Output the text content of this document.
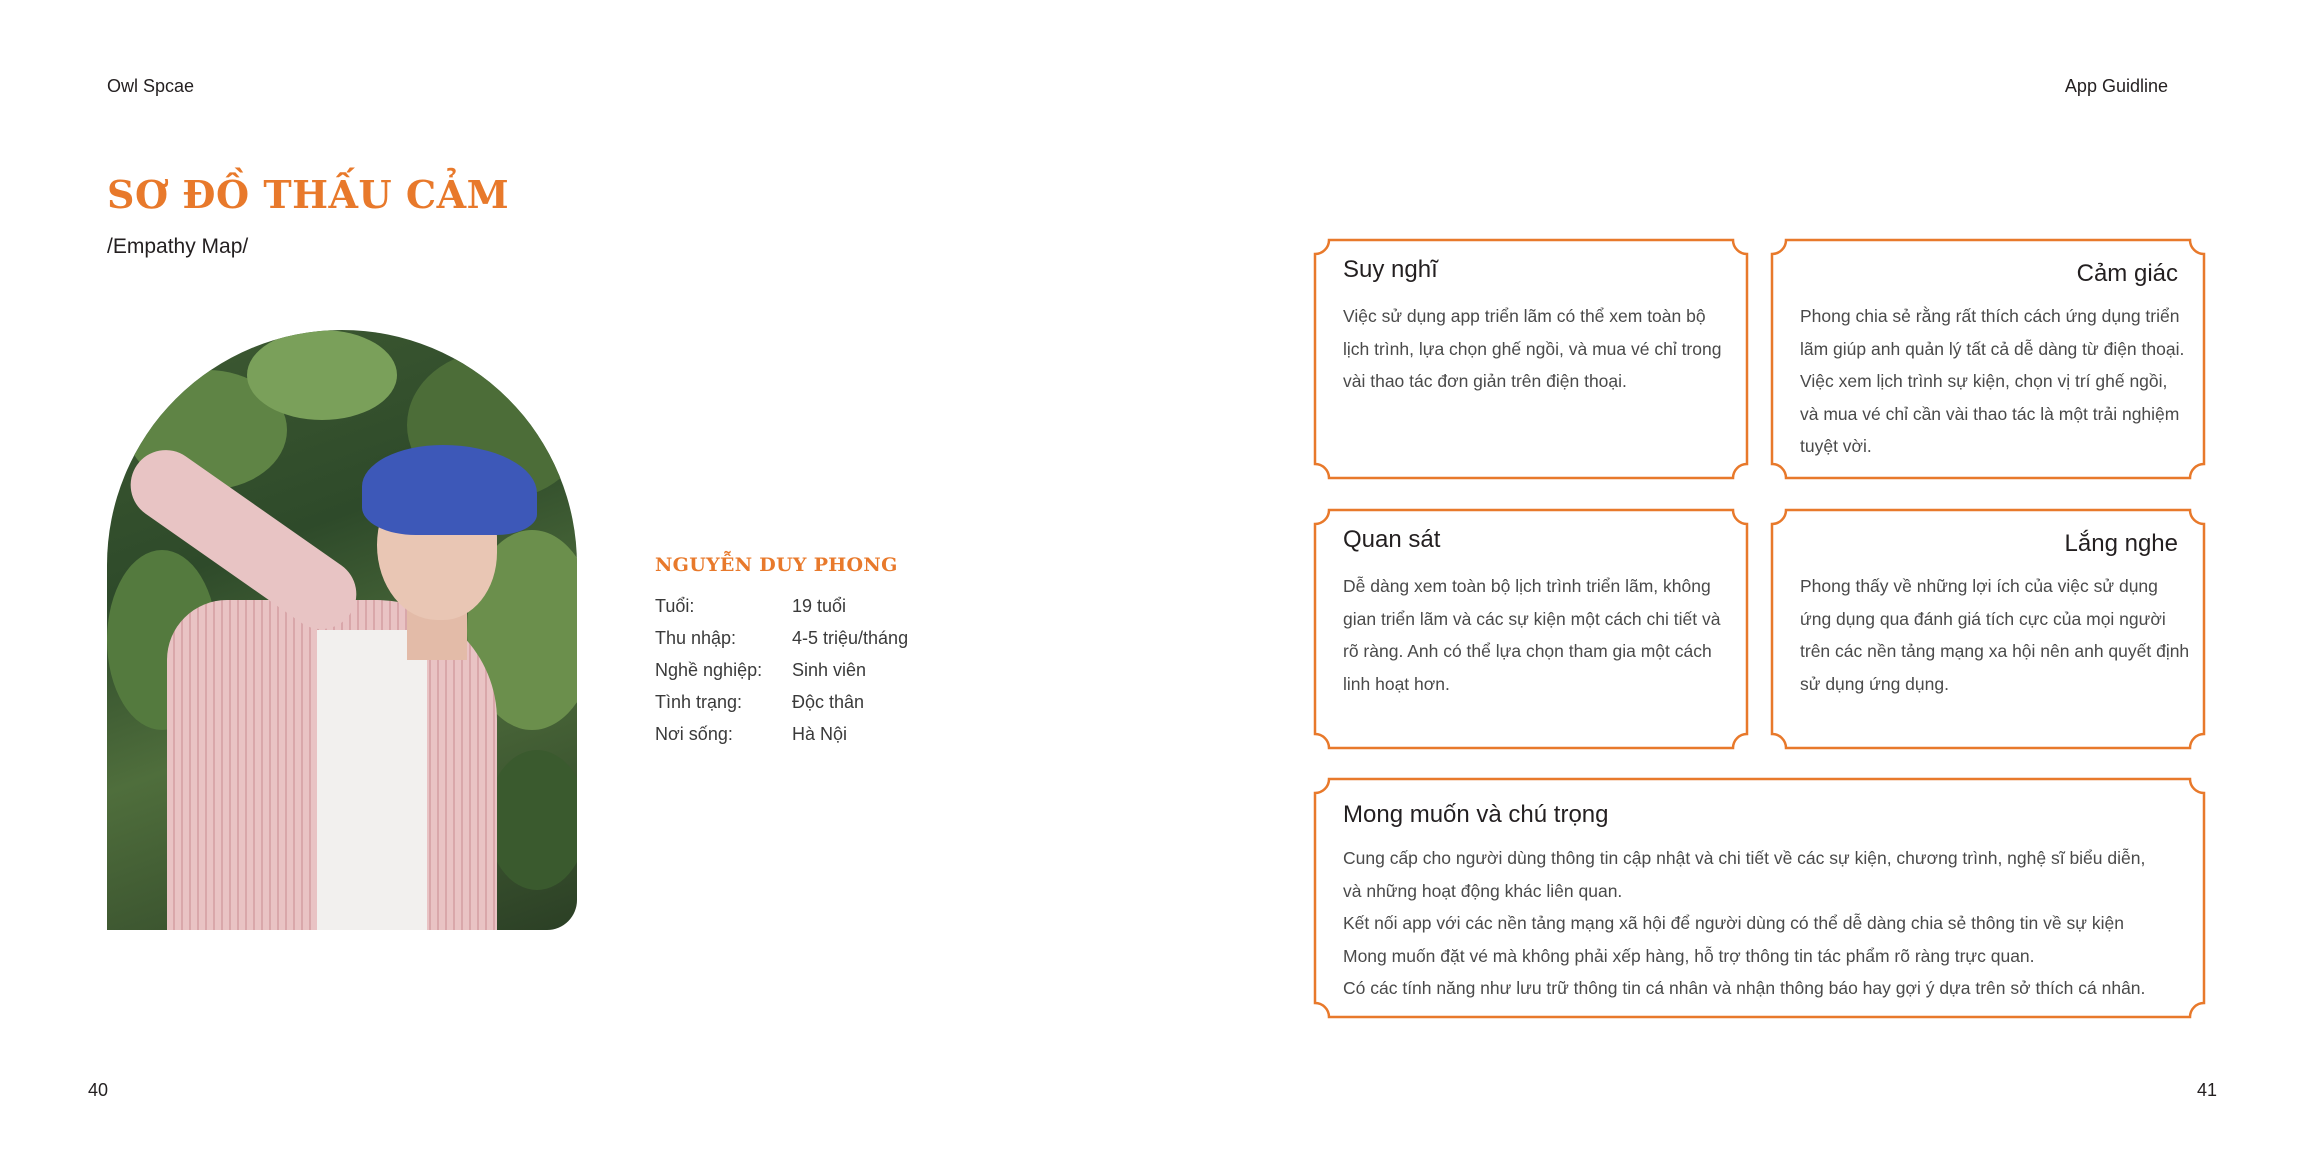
Owl Spcae	App Guidline
SƠ ĐỒ THẤU CẢM
/Empathy Map/
NGUYỄN DUY PHONG
Tuổi:	19 tuổi
Thu nhập:	4-5 triệu/tháng
Nghề nghiệp: Sinh viên
Tình trạng:	Độc thân
Nơi sống:	Hà Nội
Suy nghĩ
Việc sử dụng app triển lãm có thể xem toàn bộ lịch trình, lựa chọn ghế ngồi, và mua vé chỉ trong vài thao tác đơn giản trên điện thoại.
Cảm giác
Phong chia sẻ rằng rất thích cách ứng dụng triển lãm giúp anh quản lý tất cả dễ dàng từ điện thoại. Việc xem lịch trình sự kiện, chọn vị trí ghế ngồi, và mua vé chỉ cần vài thao tác là một trải nghiệm tuyệt vời.
Quan sát
Dễ dàng xem toàn bộ lịch trình triển lãm, không gian triển lãm và các sự kiện một cách chi tiết và rõ ràng. Anh có thể lựa chọn tham gia một cách linh hoạt hơn.
Lắng nghe
Phong thấy về những lợi ích của việc sử dụng ứng dụng qua đánh giá tích cực của mọi người trên các nền tảng mạng xa hội nên anh quyết định sử dụng ứng dụng.
Mong muốn và chú trọng
Cung cấp cho người dùng thông tin cập nhật và chi tiết về các sự kiện, chương trình, nghệ sĩ biểu diễn,
và những hoạt động khác liên quan.
Kết nối app với các nền tảng mạng xã hội để người dùng có thể dễ dàng chia sẻ thông tin về sự kiện
Mong muốn đặt vé mà không phải xếp hàng, hỗ trợ thông tin tác phẩm rõ ràng trực quan.
Có các tính năng như lưu trữ thông tin cá nhân và nhận thông báo hay gợi ý dựa trên sở thích cá nhân.
40	41
